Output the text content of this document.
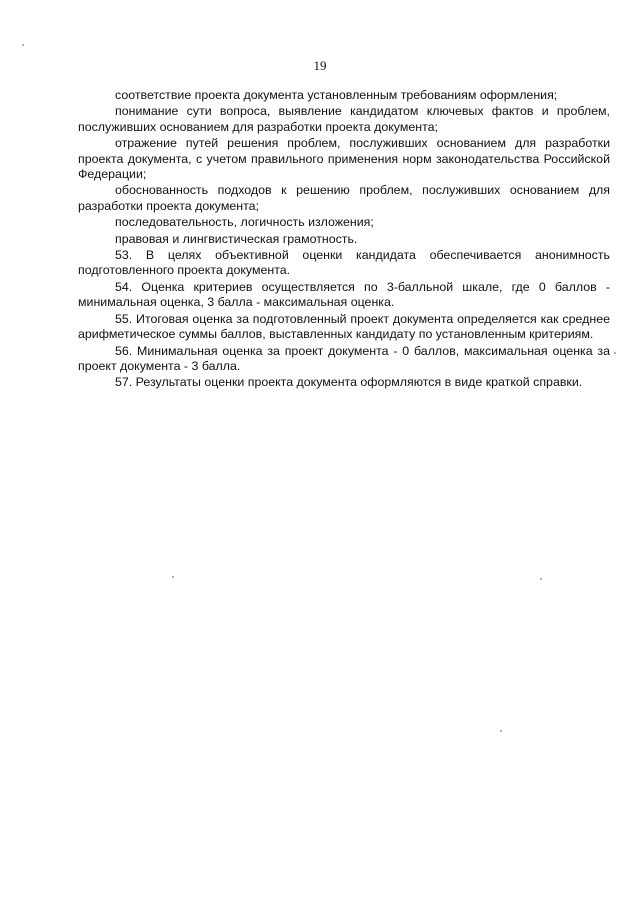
19

соответствие проекта документа установленным требованиям оформления;

понимание сути вопроса, выявление кандидатом ключевых фактов и проблем, послуживших основанием для разработки проекта документа;

отражение путей решения проблем, послуживших основанием для разработки проекта документа, с учетом правильного применения норм законодательства Российской Федерации;

обоснованность подходов к решению проблем, послуживших основанием для разработки проекта документа;

последовательность, логичность изложения;

правовая и лингвистическая грамотность.

53. В целях объективной оценки кандидата обеспечивается анонимность подготовленного проекта документа.

54. Оценка критериев осуществляется по 3-балльной шкале, где 0 баллов - минимальная оценка, 3 балла - максимальная оценка.

55. Итоговая оценка за подготовленный проект документа определяется как среднее арифметическое суммы баллов, выставленных кандидату по установленным критериям.

56. Минимальная оценка за проект документа - 0 баллов, максимальная оценка за проект документа - 3 балла.

57. Результаты оценки проекта документа оформляются в виде краткой справки.
